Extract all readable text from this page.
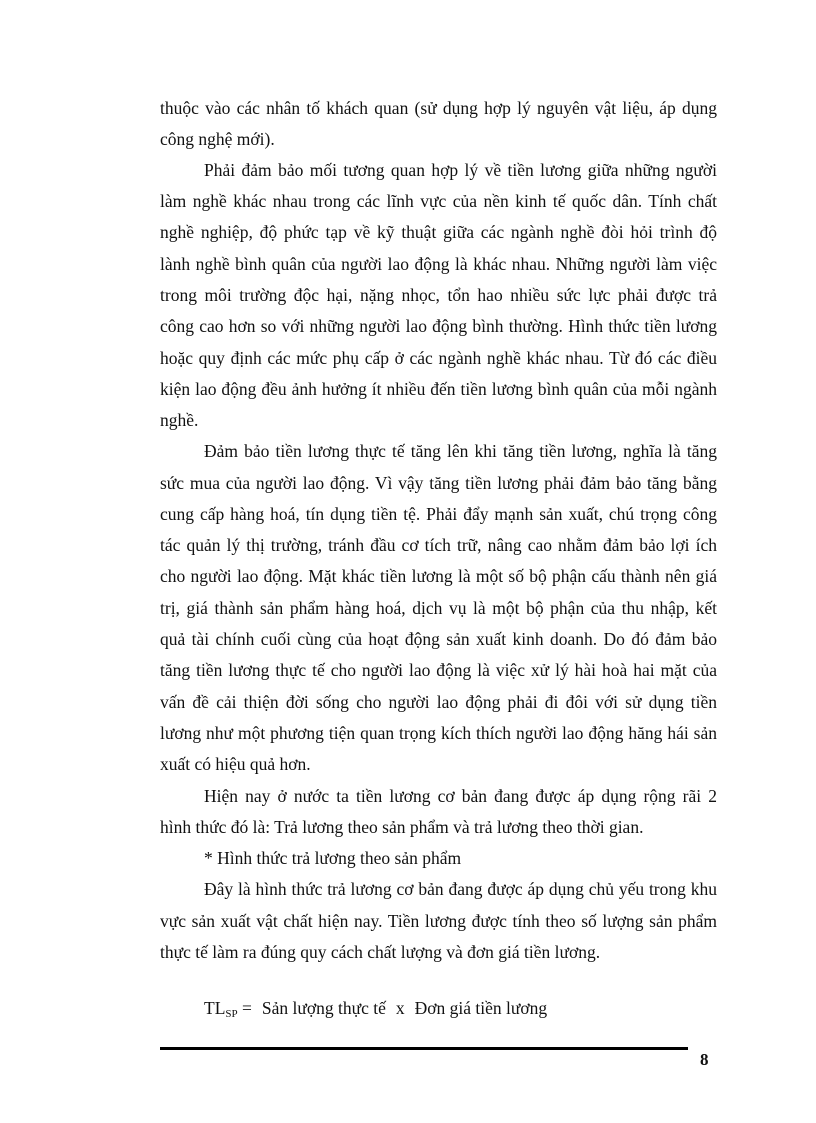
thuộc vào các nhân tố khách quan (sử dụng hợp lý nguyên vật liệu, áp dụng
công nghệ mới).
Phải đảm bảo mối tương quan hợp lý về tiền lương giữa những người
làm nghề khác nhau trong các lĩnh vực của nền kinh tế quốc dân. Tính chất
nghề nghiệp, độ phức tạp về kỹ thuật giữa các ngành nghề đòi hỏi trình độ
lành nghề bình quân của người lao động là khác nhau. Những người làm việc
trong môi trường độc hại, nặng nhọc, tổn hao nhiều sức lực phải được trả
công cao hơn so với những người lao động bình thường. Hình thức tiền lương
hoặc quy định các mức phụ cấp ở các ngành nghề khác nhau. Từ đó các điều
kiện lao động đều ảnh hưởng ít nhiều đến tiền lương bình quân của mỗi ngành
nghề.
Đảm bảo tiền lương thực tế tăng lên khi tăng tiền lương, nghĩa là tăng
sức mua của người lao động. Vì vậy tăng tiền lương phải đảm bảo tăng bằng
cung cấp hàng hoá, tín dụng tiền tệ. Phải đẩy mạnh sản xuất, chú trọng công
tác quản lý thị trường, tránh đầu cơ tích trữ, nâng cao nhằm đảm bảo lợi ích
cho người lao động. Mặt khác tiền lương là một số bộ phận cấu thành nên giá
trị, giá thành sản phẩm hàng hoá, dịch vụ là một bộ phận của thu nhập, kết
quả tài chính cuối cùng của hoạt động sản xuất kinh doanh. Do đó đảm bảo
tăng tiền lương thực tế cho người lao động là việc xử lý hài hoà hai mặt của
vấn đề cải thiện đời sống cho người lao động phải đi đôi với sử dụng tiền
lương như một phương tiện quan trọng kích thích người lao động hăng hái sản
xuất có hiệu quả hơn.
Hiện nay ở nước ta tiền lương cơ bản đang được áp dụng rộng rãi 2
hình thức đó là: Trả lương theo sản phẩm và trả lương theo thời gian.
* Hình thức trả lương theo sản phẩm
Đây là hình thức trả lương cơ bản đang được áp dụng chủ yếu trong khu
vực sản xuất vật chất hiện nay. Tiền lương được tính theo số lượng sản phẩm
thực tế làm ra đúng quy cách chất lượng và đơn giá tiền lương.
$TL_{SP}$ = Sản lượng thực tế x Đơn giá tiền lương
8
